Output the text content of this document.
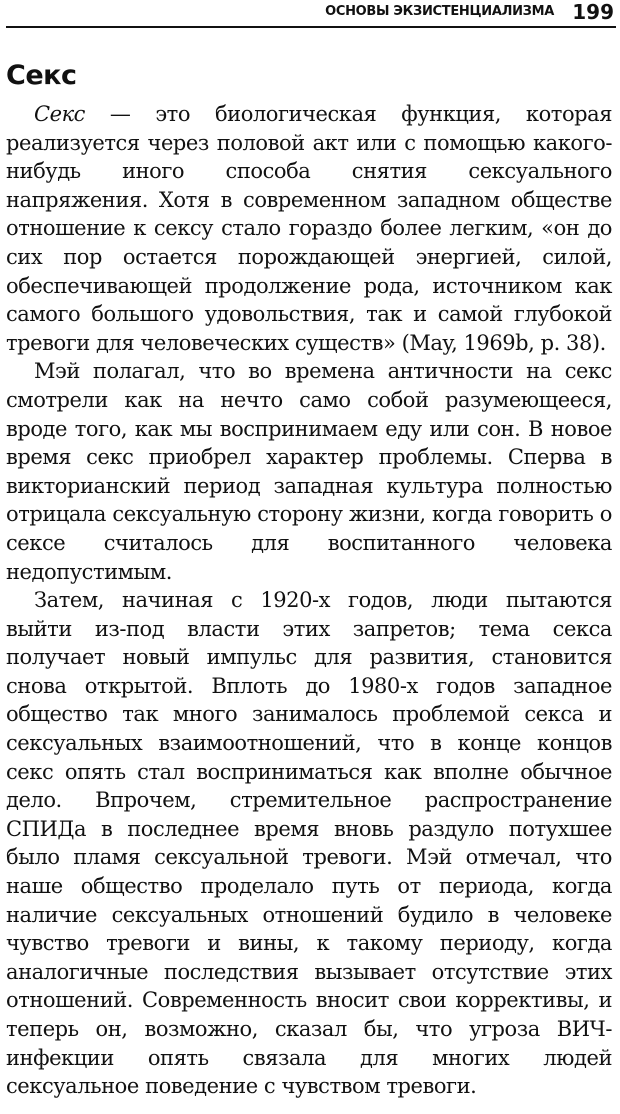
ОСНОВЫ ЭКЗИСТЕНЦИАЛИЗМА 199
Секс

Секс — это биологическая функция, которая реализуется через половой акт или с помощью какого-нибудь иного способа снятия сексуального напряжения. Хотя в современном западном обществе отношение к сексу стало гораздо более легким, «он до сих пор остается порождающей энергией, силой, обеспечивающей продолжение рода, источником как самого большого удовольствия, так и самой глубокой тревоги для человеческих существ» (May, 1969b, p. 38).

Мэй полагал, что во времена античности на секс смотрели как на нечто само собой разумеющееся, вроде того, как мы воспринимаем еду или сон. В новое время секс приобрел характер проблемы. Сперва в викторианский период западная культура полностью отрицала сексуальную сторону жизни, когда говорить о сексе считалось для воспитанного человека недопустимым.

Затем, начиная с 1920-х годов, люди пытаются выйти из-под власти этих запретов; тема секса получает новый импульс для развития, становится снова открытой. Вплоть до 1980-х годов западное общество так много занималось проблемой секса и сексуальных взаимоотношений, что в конце концов секс опять стал восприниматься как вполне обычное дело. Впрочем, стремительное распространение СПИДа в последнее время вновь раздуло потухшее было пламя сексуальной тревоги. Мэй отмечал, что наше общество проделало путь от периода, когда наличие сексуальных отношений будило в человеке чувство тревоги и вины, к такому периоду, когда аналогичные последствия вызывает отсутствие этих отношений. Современность вносит свои коррективы, и теперь он, возможно, сказал бы, что угроза ВИЧ-инфекции опять связала для многих людей сексуальное поведение с чувством тревоги.
